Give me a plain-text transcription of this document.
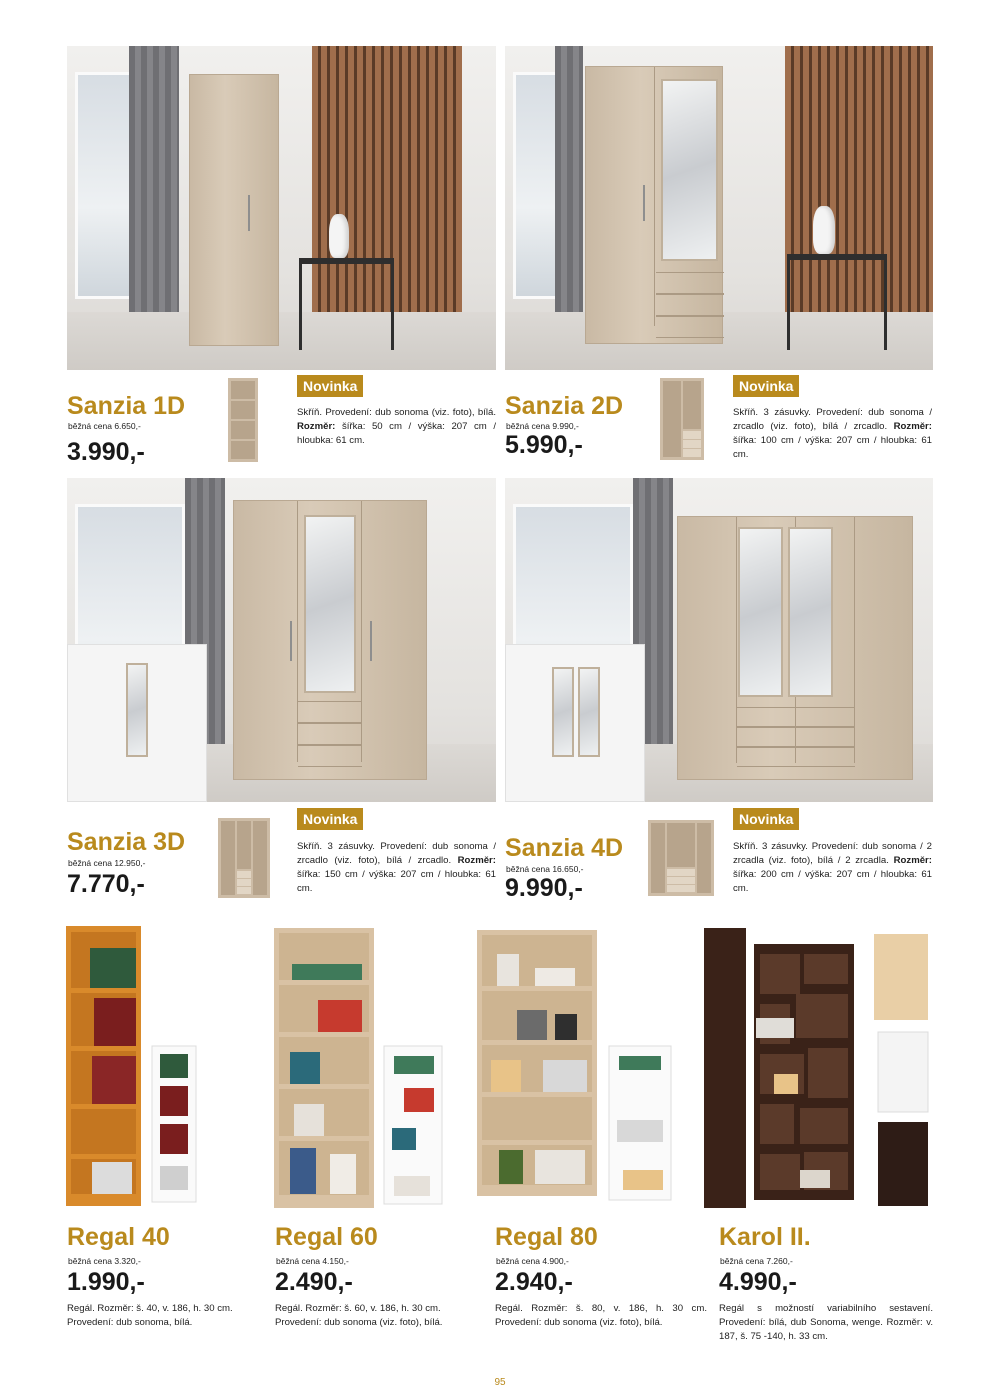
Sanzia 1D
běžná cena 6.650,-
3.990,-
Novinka
Skříň. Provedení: dub sonoma (viz. foto), bílá. Rozměr: šířka: 50 cm / výška: 207 cm / hloubka: 61 cm.
Sanzia 2D
běžná cena 9.990,-
5.990,-
Novinka
Skříň. 3 zásuvky. Provedení: dub sonoma / zrcadlo (viz. foto), bílá / zrcadlo. Rozměr: šířka: 100 cm / výška: 207 cm / hloubka: 61 cm.
Sanzia 3D
běžná cena 12.950,-
7.770,-
Novinka
Skříň. 3 zásuvky. Provedení: dub sonoma / zrcadlo (viz. foto), bílá / zrcadlo. Rozměr: šířka: 150 cm / výška: 207 cm / hloubka: 61 cm.
Sanzia 4D
běžná cena 16.650,-
9.990,-
Novinka
Skříň. 3 zásuvky. Provedení: dub sonoma / 2 zrcadla (viz. foto), bílá / 2 zrcadla. Rozměr: šířka: 200 cm / výška: 207 cm / hloubka: 61 cm.
Regal 40
běžná cena 3.320,-
1.990,-
Regál. Rozměr: š. 40, v. 186, h. 30 cm. Provedení: dub sonoma, bílá.
Regal 60
běžná cena 4.150,-
2.490,-
Regál. Rozměr: š. 60, v. 186, h. 30 cm. Provedení: dub sonoma (viz. foto), bílá.
Regal 80
běžná cena 4.900,-
2.940,-
Regál. Rozměr: š. 80, v. 186, h. 30 cm. Provedení: dub sonoma (viz. foto), bílá.
Karol II.
běžná cena 7.260,-
4.990,-
Regál s možností variabilního sestavení. Provedení: bílá, dub Sonoma, wenge. Rozměr: v. 187, š. 75 -140, h. 33 cm.
95
